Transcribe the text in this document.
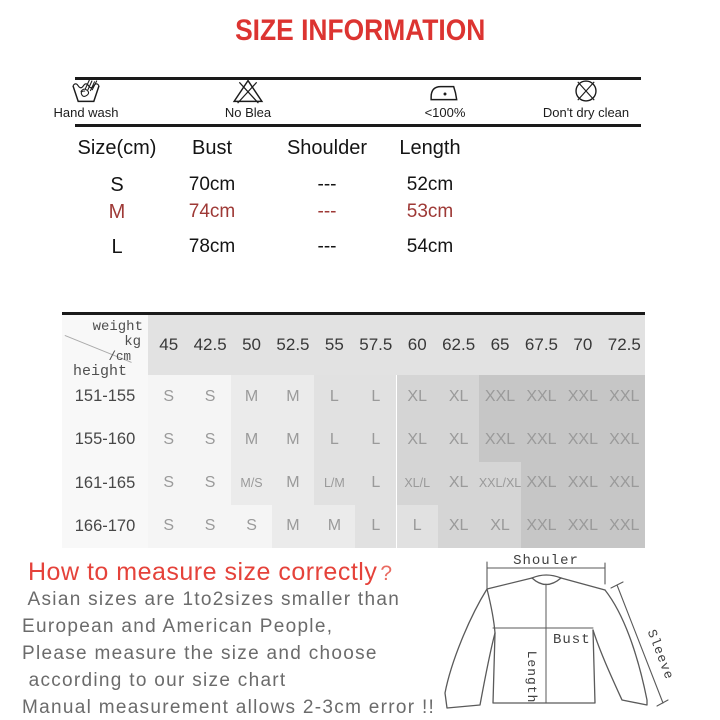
SIZE INFORMATION
Hand wash	No Blea	<100%	Don't dry clean
Size(cm)	Bust	Shoulder	Length
S	70cm	---	52cm
M	74cm	---	53cm
L	78cm	---	54cm
weight
kg
/cm
height
45 42.5 50 52.5 55 57.5 60 62.5 65 67.5 70 72.5
151-155	S	S	M	M	L	L	XL	XL	XXL XXL XXL XXL
155-160	S	S	M	M	L	L	XL	XL	XXL XXL XXL XXL
161-165	S	S	M/S	M	L/M	L	XL/L	XL XXL/XL XXL XXL XXL
166-170	S	S	S	M	M	L	L	XL	XL	XXL XXL XXL
How to measure size correctly ?
Asian sizes are 1to2sizes smaller than
European and American People,
Please measure the size and choose
according to our size chart
Manual measurement allows 2-3cm error !!
Shouler
Bust
Length	Sleeve
